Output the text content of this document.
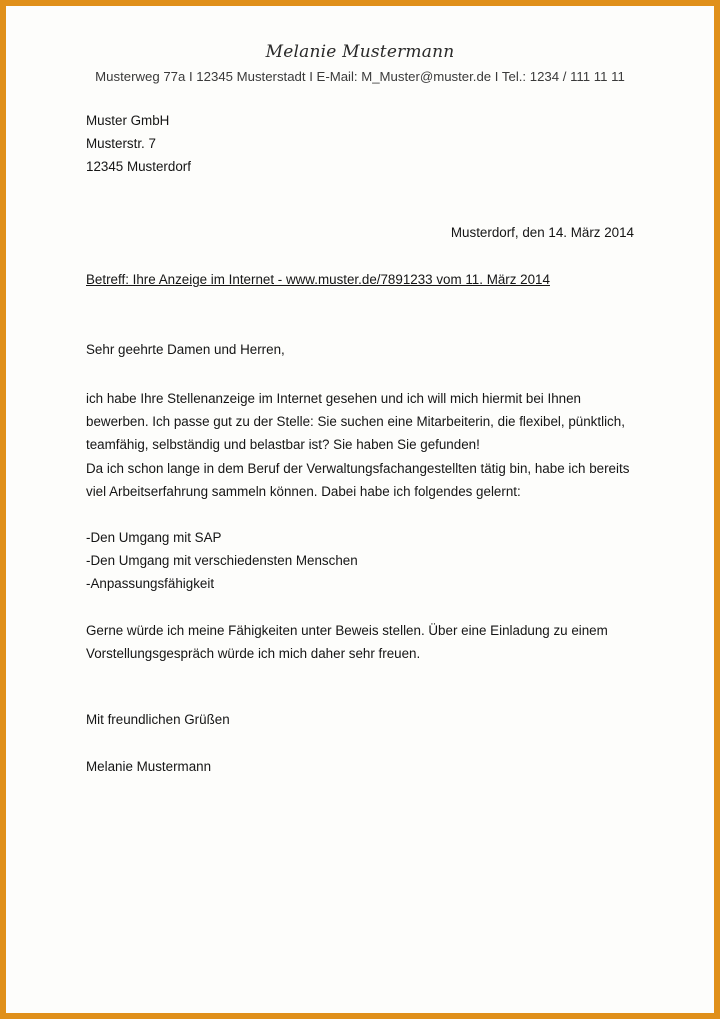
Melanie Mustermann
Musterweg 77a I 12345 Musterstadt I E-Mail: M_Muster@muster.de I Tel.: 1234 / 111 11 11
Muster GmbH
Musterstr. 7
12345 Musterdorf
Musterdorf, den 14. März 2014
Betreff: Ihre Anzeige im Internet - www.muster.de/7891233 vom 11. März 2014
Sehr geehrte Damen und Herren,
ich habe Ihre Stellenanzeige im Internet gesehen und ich will mich hiermit bei Ihnen
bewerben. Ich passe gut zu der Stelle: Sie suchen eine Mitarbeiterin, die flexibel, pünktlich,
teamfähig, selbständig und belastbar ist? Sie haben Sie gefunden!
Da ich schon lange in dem Beruf der Verwaltungsfachangestellten tätig bin, habe ich bereits
viel Arbeitserfahrung sammeln können. Dabei habe ich folgendes gelernt:
-Den Umgang mit SAP
-Den Umgang mit verschiedensten Menschen
-Anpassungsfähigkeit
Gerne würde ich meine Fähigkeiten unter Beweis stellen. Über eine Einladung zu einem
Vorstellungsgespräch würde ich mich daher sehr freuen.
Mit freundlichen Grüßen
Melanie Mustermann
